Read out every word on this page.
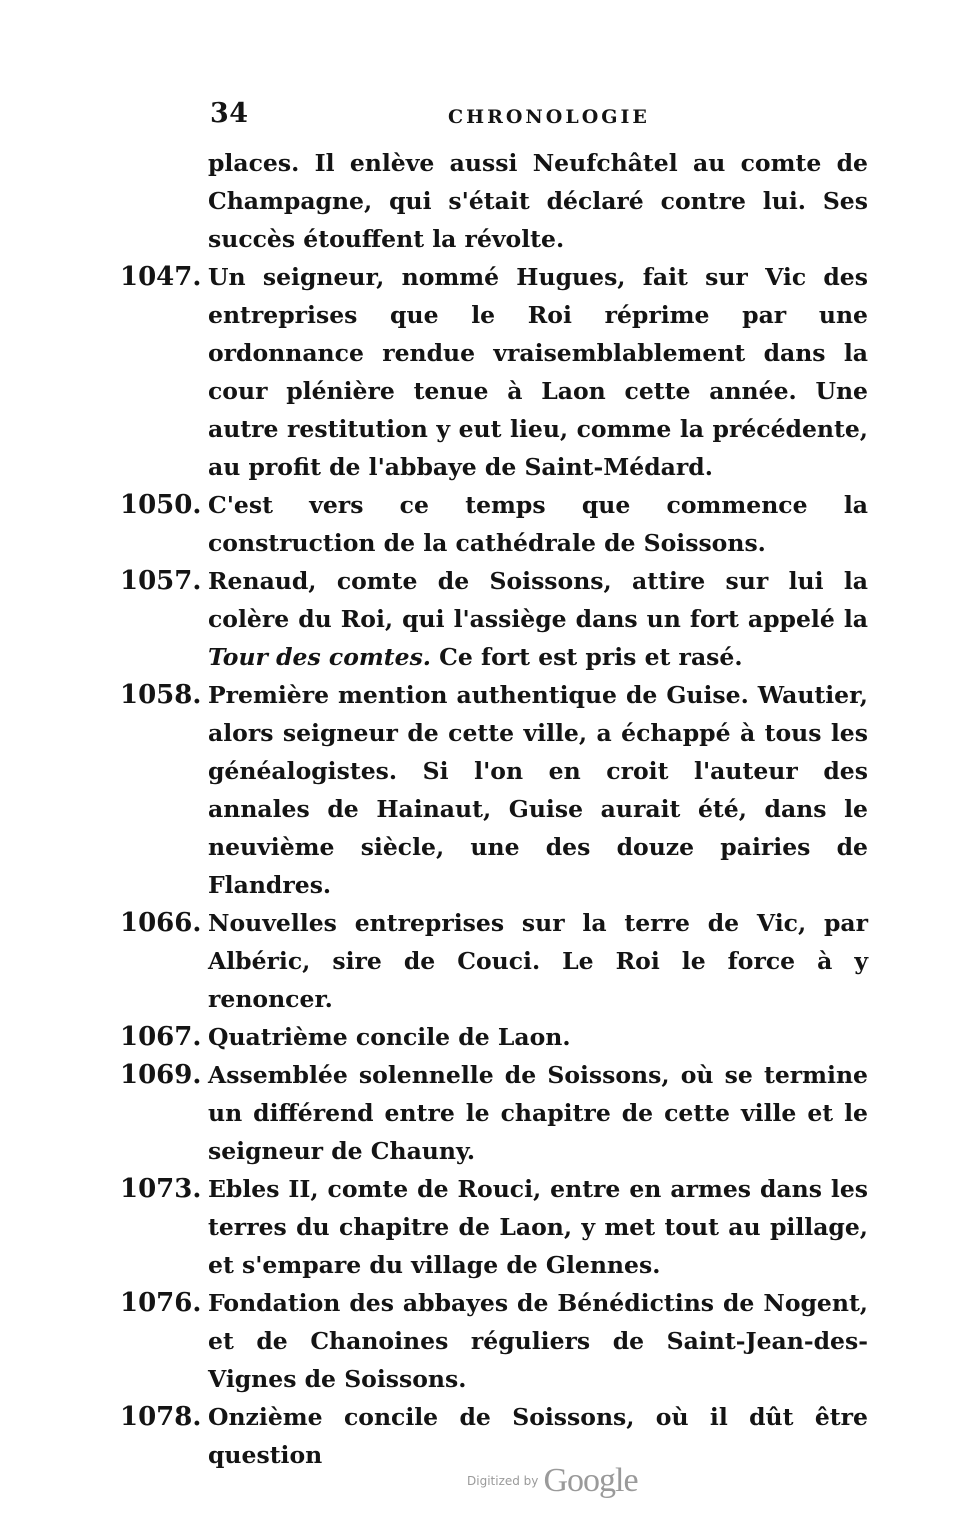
34	CHRONOLOGIE
places. Il enlève aussi Neufchâtel au comte de Champagne, qui s'était déclaré contre lui. Ses succès étouffent la révolte.
1047. Un seigneur, nommé Hugues, fait sur Vic des entreprises que le Roi réprime par une ordonnance rendue vraisemblablement dans la cour plénière tenue à Laon cette année. Une autre restitution y eut lieu, comme la précédente, au profit de l'abbaye de Saint-Médard.
1050. C'est vers ce temps que commence la construction de la cathédrale de Soissons.
1057. Renaud, comte de Soissons, attire sur lui la colère du Roi, qui l'assiège dans un fort appelé la Tour des comtes. Ce fort est pris et rasé.
1058. Première mention authentique de Guise. Wautier, alors seigneur de cette ville, a échappé à tous les généalogistes. Si l'on en croit l'auteur des annales de Hainaut, Guise aurait été, dans le neuvième siècle, une des douze pairies de Flandres.
1066. Nouvelles entreprises sur la terre de Vic, par Albéric, sire de Couci. Le Roi le force à y renoncer.
1067. Quatrième concile de Laon.
1069. Assemblée solennelle de Soissons, où se termine un différend entre le chapitre de cette ville et le seigneur de Chauny.
1073. Ebles II, comte de Rouci, entre en armes dans les terres du chapitre de Laon, y met tout au pillage, et s'empare du village de Glennes.
1076. Fondation des abbayes de Bénédictins de Nogent, et de Chanoines réguliers de Saint-Jean-des-Vignes de Soissons.
1078. Onzième concile de Soissons, où il dût être question
Digitized by Google
